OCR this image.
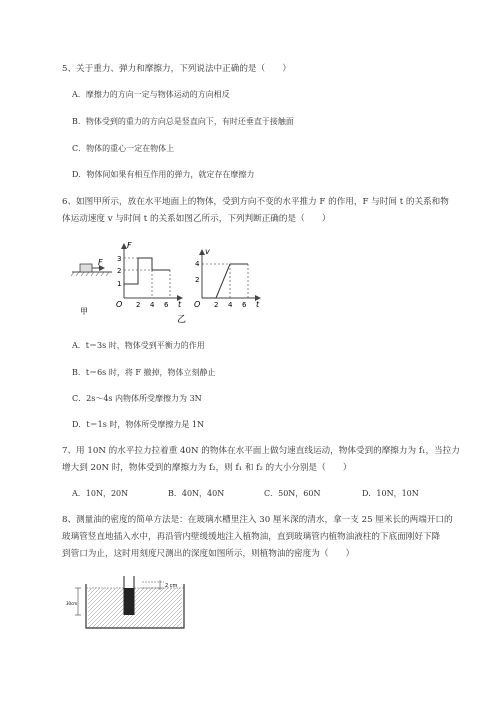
5、关于重力、弹力和摩擦力，下列说法中正确的是（　　）
A．摩擦力的方向一定与物体运动的方向相反
B．物体受到的重力的方向总是竖直向下，有时还垂直于接触面
C．物体的重心一定在物体上
D．物体间如果有相互作用的弹力，就定存在摩擦力
6、如图甲所示，放在水平地面上的物体，受到方向不变的水平推力 F 的作用，F 与时间 t 的关系和物
体运动速度 v 与时间 t 的关系如图乙所示，下列判断正确的是（　　）
F
甲
F
t
O
3
2
1
2 4 6
v
t
O
4
2
2 4 6
乙
A．t＝3s 时，物体受到平衡力的作用
B．t＝6s 时，将 F 撤掉，物体立刻静止
C．2s～4s 内物体所受摩擦力为 3N
D．t＝1s 时，物体所受摩擦力是 1N
7、用 10N 的水平拉力拉着重 40N 的物体在水平面上做匀速直线运动，物体受到的摩擦力为 f₁，当拉力
增大到 20N 时，物体受到的摩擦力为 f₂，则 f₁ 和 f₂ 的大小分别是（　　）
A．10N，20N	B．40N，40N	C．50N，60N	D．10N，10N
8、测量油的密度的简单方法是：在玻璃水槽里注入 30 厘米深的清水，拿一支 25 厘米长的两端开口的
玻璃管竖直地插入水中，再沿管内壁缓缓地注入植物油，直到玻璃管内植物油液柱的下底面刚好下降
到管口为止，这时用刻度尺测出的深度如图所示，则植物油的密度为（　　）
30cm
2 cm
